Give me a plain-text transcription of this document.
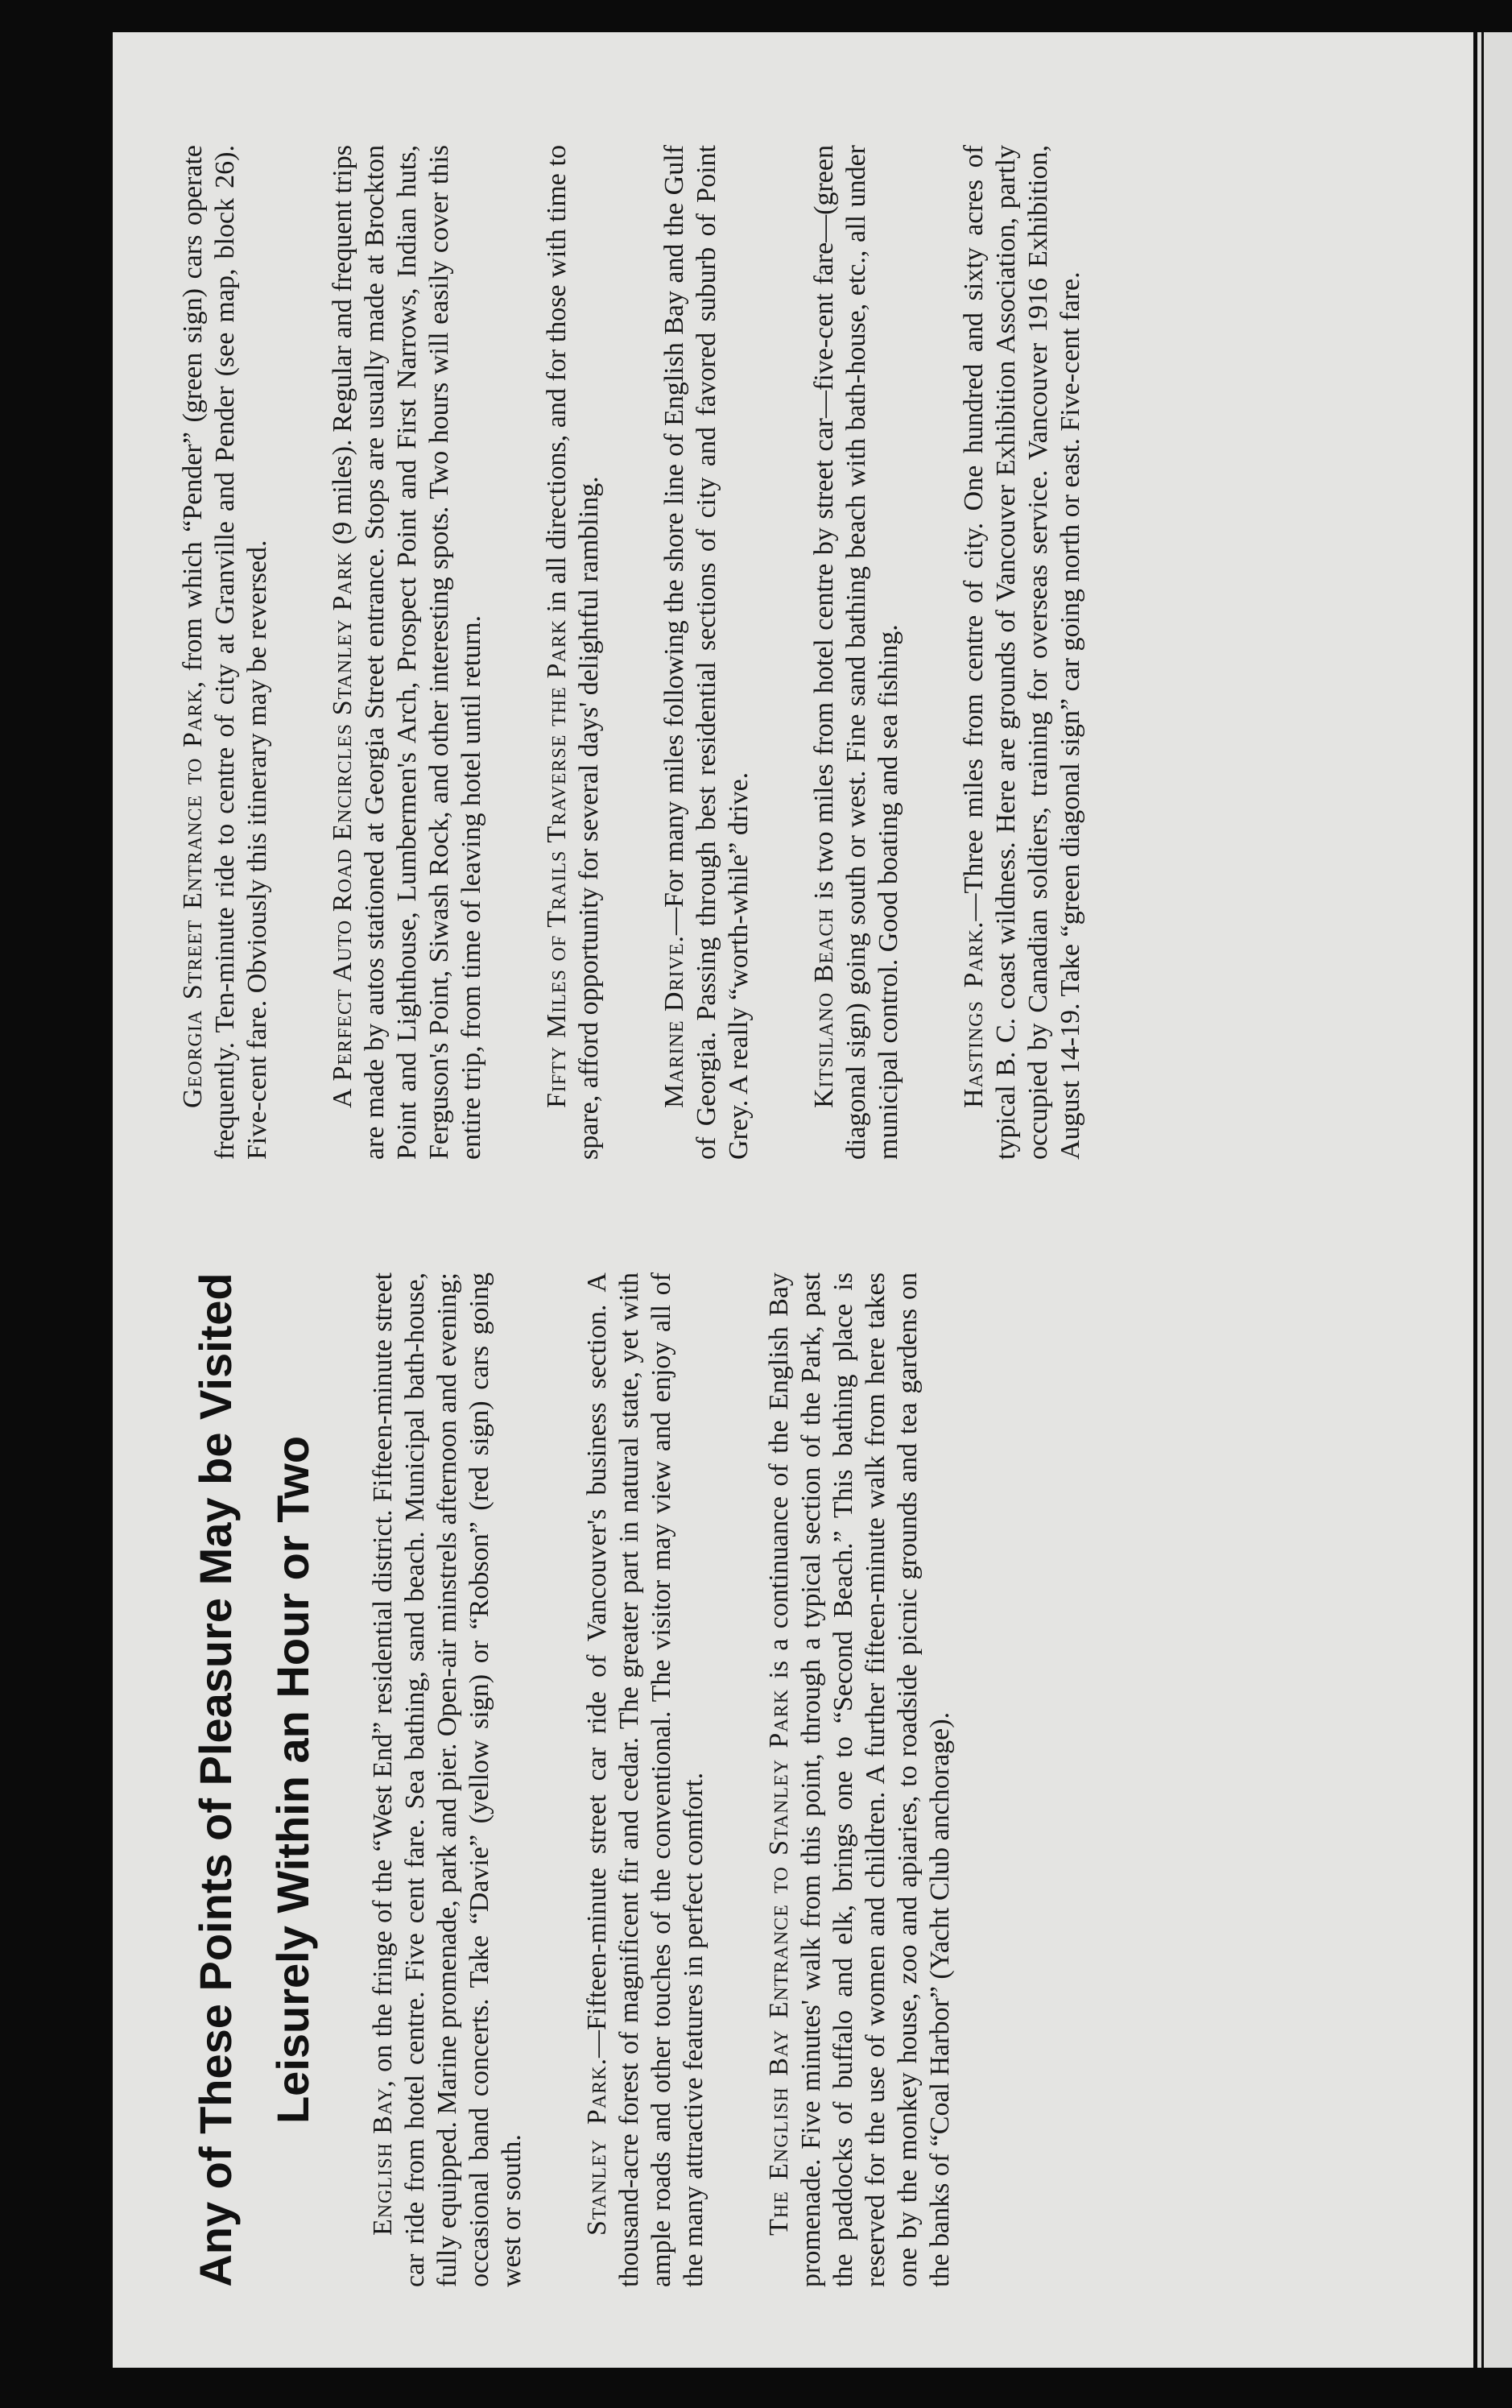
Any of These Points of Pleasure May be Visited Leisurely Within an Hour or Two

English Bay, on the fringe of the “West End” residential district. Fifteen-minute street car ride from hotel centre. Five cent fare. Sea bathing, sand beach. Municipal bath-house, fully equipped. Marine promenade, park and pier. Open-air minstrels afternoon and evening; occasional band concerts. Take “Davie” (yellow sign) or “Robson” (red sign) cars going west or south. Stanley Park.—Fifteen-minute street car ride of Vancouver's business section. A thousand-acre forest of magnificent fir and cedar. The greater part in natural state, yet with ample roads and other touches of the conventional. The visitor may view and enjoy all of the many attractive features in perfect comfort. The English Bay Entrance to Stanley Park is a continuance of the English Bay promenade. Five minutes' walk from this point, through a typical section of the Park, past the paddocks of buffalo and elk, brings one to “Second Beach.” This bathing place is reserved for the use of women and children. A further fifteen-minute walk from here takes one by the monkey house, zoo and apiaries, to roadside picnic grounds and tea gardens on the banks of “Coal Harbor” (Yacht Club anchorage).

Georgia Street Entrance to Park, from which “Pender” (green sign) cars operate frequently. Ten-minute ride to centre of city at Granville and Pender (see map, block 26). Five-cent fare. Obviously this itinerary may be reversed. A Perfect Auto Road Encircles Stanley Park (9 miles). Regular and frequent trips are made by autos stationed at Georgia Street entrance. Stops are usually made at Brockton Point and Lighthouse, Lumbermen's Arch, Prospect Point and First Narrows, Indian huts, Ferguson's Point, Siwash Rock, and other interesting spots. Two hours will easily cover this entire trip, from time of leaving hotel until return. Fifty Miles of Trails Traverse the Park in all directions, and for those with time to spare, afford opportunity for several days' delightful rambling. Marine Drive.—For many miles following the shore line of English Bay and the Gulf of Georgia. Passing through best residential sections of city and favored suburb of Point Grey. A really “worth-while” drive. Kitsilano Beach is two miles from hotel centre by street car—five-cent fare—(green diagonal sign) going south or west. Fine sand bathing beach with bath-house, etc., all under municipal control. Good boating and sea fishing. Hastings Park.—Three miles from centre of city. One hundred and sixty acres of typical B. C. coast wildness. Here are grounds of Vancouver Exhibition Association, partly occupied by Canadian soldiers, training for overseas service. Vancouver 1916 Exhibition, August 14-19. Take “green diagonal sign” car going north or east. Five-cent fare.
